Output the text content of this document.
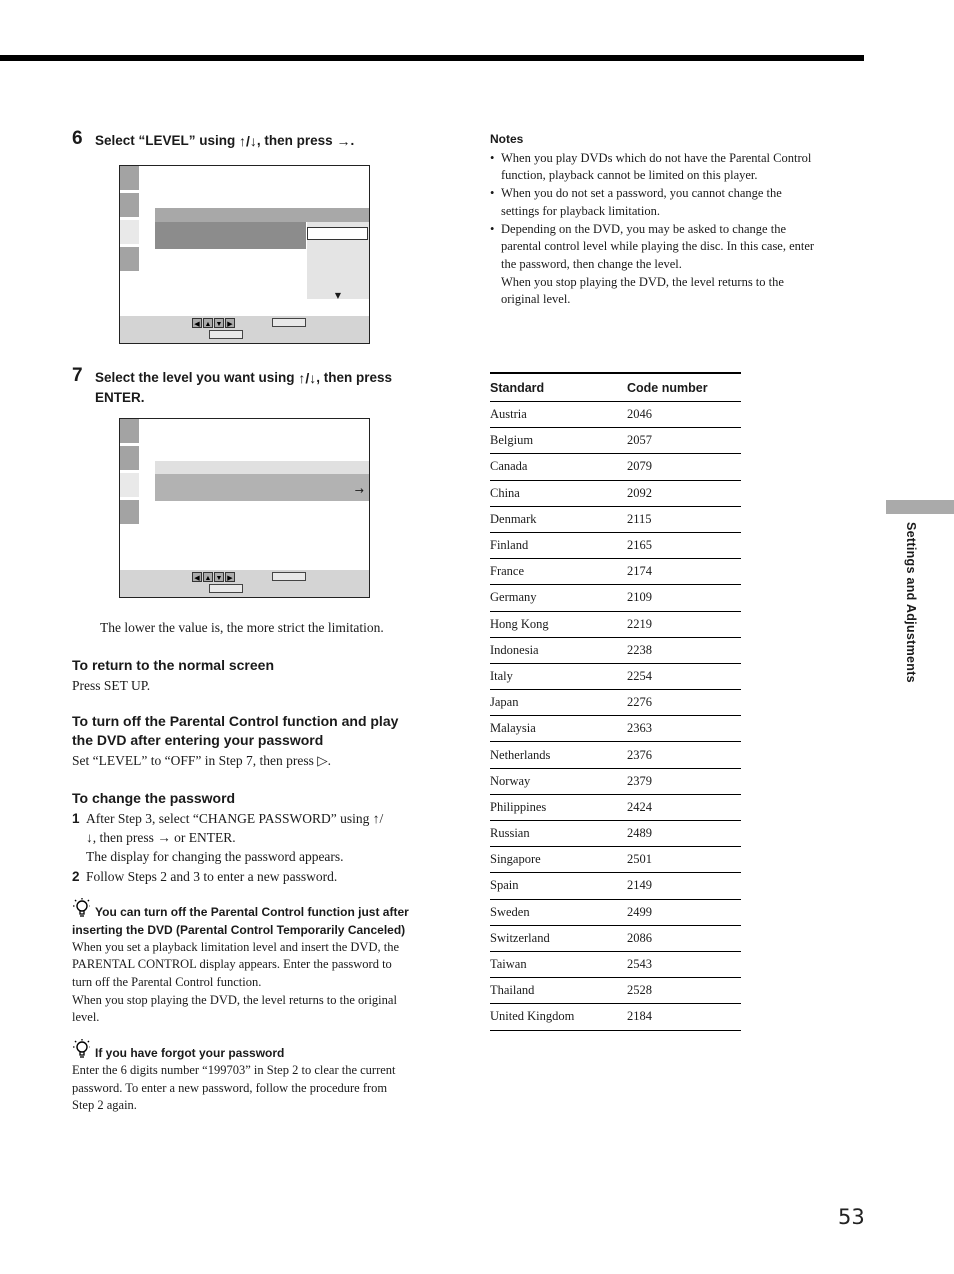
6 Select “LEVEL” using ↑/↓, then press →.
▼
◀ ▲ ▼ ▶
7 Select the level you want using ↑/↓, then press
ENTER.
→
◀ ▲ ▼ ▶
The lower the value is, the more strict the limitation.
To return to the normal screen
Press SET UP.
To turn off the Parental Control function and play
the DVD after entering your password
Set “LEVEL” to “OFF” in Step 7, then press ▷.
To change the password
1 After Step 3, select “CHANGE PASSWORD” using ↑/
↓, then press → or ENTER.
The display for changing the password appears.
2 Follow Steps 2 and 3 to enter a new password.
You can turn off the Parental Control function just after
inserting the DVD (Parental Control Temporarily Canceled)
When you set a playback limitation level and insert the DVD, the
PARENTAL CONTROL display appears. Enter the password to
turn off the Parental Control function.
When you stop playing the DVD, the level returns to the original
level.
If you have forgot your password
Enter the 6 digits number “199703” in Step 2 to clear the current
password. To enter a new password, follow the procedure from
Step 2 again.
Notes
• When you play DVDs which do not have the Parental Control
function, playback cannot be limited on this player.
• When you do not set a password, you cannot change the
settings for playback limitation.
• Depending on the DVD, you may be asked to change the
parental control level while playing the disc. In this case, enter
the password, then change the level.
When you stop playing the DVD, the level returns to the
original level.
Standard	Code number
Austria	2046
Belgium	2057
Canada	2079
China	2092
Denmark	2115
Finland	2165
France	2174
Germany	2109
Hong Kong	2219
Indonesia	2238
Italy	2254
Japan	2276
Malaysia	2363
Netherlands	2376
Norway	2379
Philippines	2424
Russian	2489
Singapore	2501
Spain	2149
Sweden	2499
Switzerland	2086
Taiwan	2543
Thailand	2528
United Kingdom	2184
Settings and Adjustments
53
